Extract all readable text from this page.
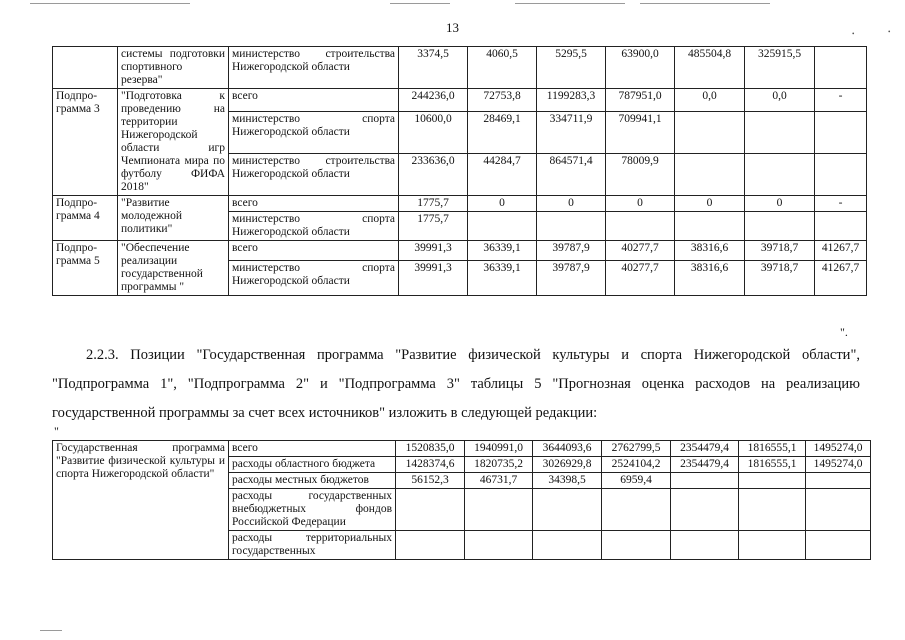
•	•
13
	системы подготовки спортивного резерва"	министерство строительства Нижегородской области	3374,5	4060,5	5295,5	63900,0	485504,8	325915,5	
Подпро-грамма 3	"Подготовка к проведению на территории Нижегородской области игр Чемпионата мира по футболу ФИФА 2018"	всего	244236,0	72753,8	1199283,3	787951,0	0,0	0,0	-
		министерство спорта Нижегородской области	10600,0	28469,1	334711,9	709941,1			
		министерство строительства Нижегородской области	233636,0	44284,7	864571,4	78009,9			
Подпро-грамма 4	"Развитие молодежной политики"	всего	1775,7	0	0	0	0	0	-
		министерство спорта Нижегородской области	1775,7						
Подпро-грамма 5	"Обеспечение реализации государственной программы "	всего	39991,3	36339,1	39787,9	40277,7	38316,6	39718,7	41267,7
		министерство спорта Нижегородской области	39991,3	36339,1	39787,9	40277,7	38316,6	39718,7	41267,7
".
2.2.3. Позиции "Государственная программа "Развитие физической культуры и спорта Нижегородской области", "Подпрограмма 1", "Подпрограмма 2" и "Подпрограмма 3" таблицы 5 "Прогнозная оценка расходов на реализацию государственной программы за счет всех источников" изложить в следующей редакции:
"
Государственная программа "Развитие физической культуры и спорта Нижегородской области"	всего	1520835,0	1940991,0	3644093,6	2762799,5	2354479,4	1816555,1	1495274,0
	расходы областного бюджета	1428374,6	1820735,2	3026929,8	2524104,2	2354479,4	1816555,1	1495274,0
	расходы местных бюджетов	56152,3	46731,7	34398,5	6959,4			
	расходы государственных внебюджетных фондов Российской Федерации							
	расходы территориальных государственных							
